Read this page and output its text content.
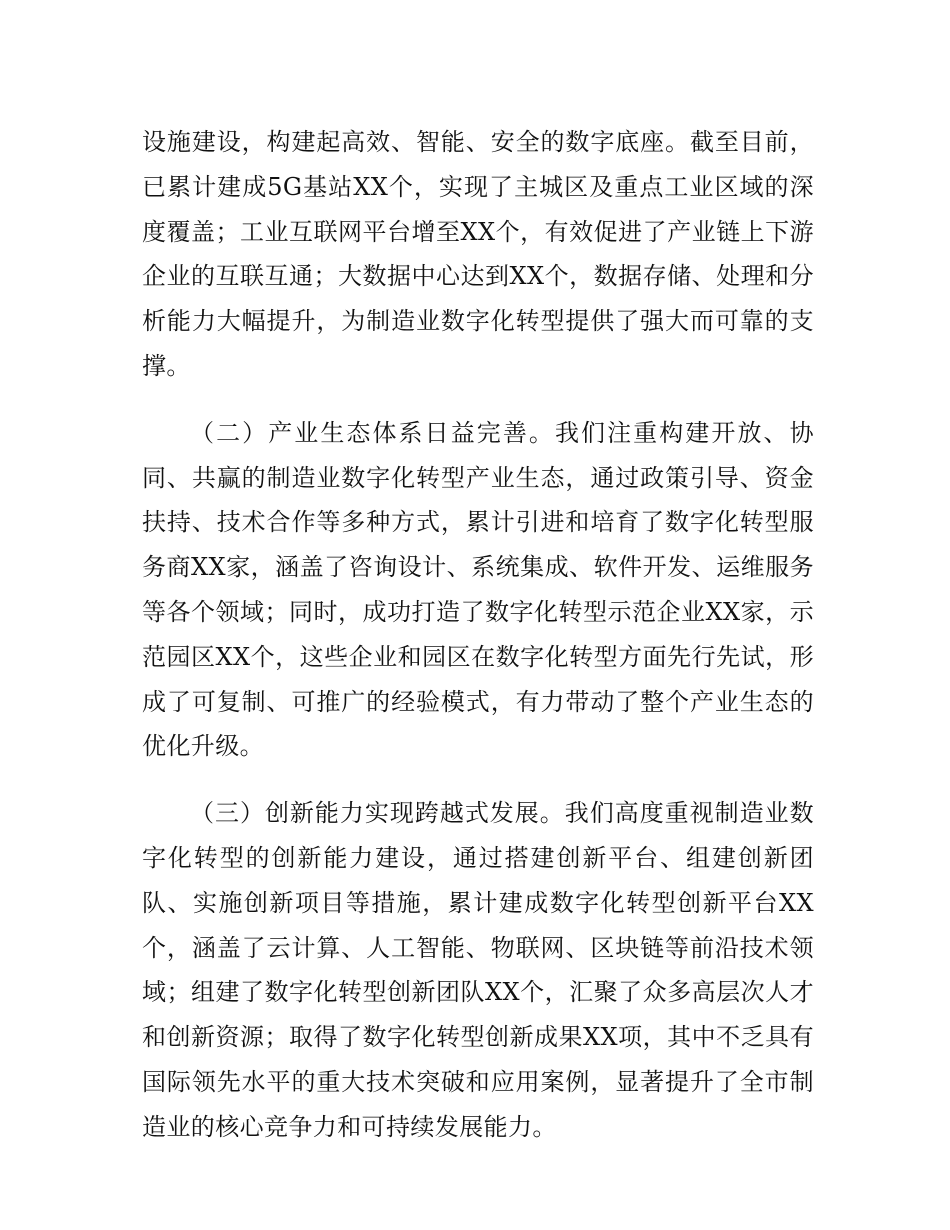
设施建设，构建起高效、智能、安全的数字底座。截至目前，已累计建成5G基站XX个，实现了主城区及重点工业区域的深度覆盖；工业互联网平台增至XX个，有效促进了产业链上下游企业的互联互通；大数据中心达到XX个，数据存储、处理和分析能力大幅提升，为制造业数字化转型提供了强大而可靠的支撑。

（二）产业生态体系日益完善。我们注重构建开放、协同、共赢的制造业数字化转型产业生态，通过政策引导、资金扶持、技术合作等多种方式，累计引进和培育了数字化转型服务商XX家，涵盖了咨询设计、系统集成、软件开发、运维服务等各个领域；同时，成功打造了数字化转型示范企业XX家，示范园区XX个，这些企业和园区在数字化转型方面先行先试，形成了可复制、可推广的经验模式，有力带动了整个产业生态的优化升级。

（三）创新能力实现跨越式发展。我们高度重视制造业数字化转型的创新能力建设，通过搭建创新平台、组建创新团队、实施创新项目等措施，累计建成数字化转型创新平台XX个，涵盖了云计算、人工智能、物联网、区块链等前沿技术领域；组建了数字化转型创新团队XX个，汇聚了众多高层次人才和创新资源；取得了数字化转型创新成果XX项，其中不乏具有国际领先水平的重大技术突破和应用案例，显著提升了全市制造业的核心竞争力和可持续发展能力。
